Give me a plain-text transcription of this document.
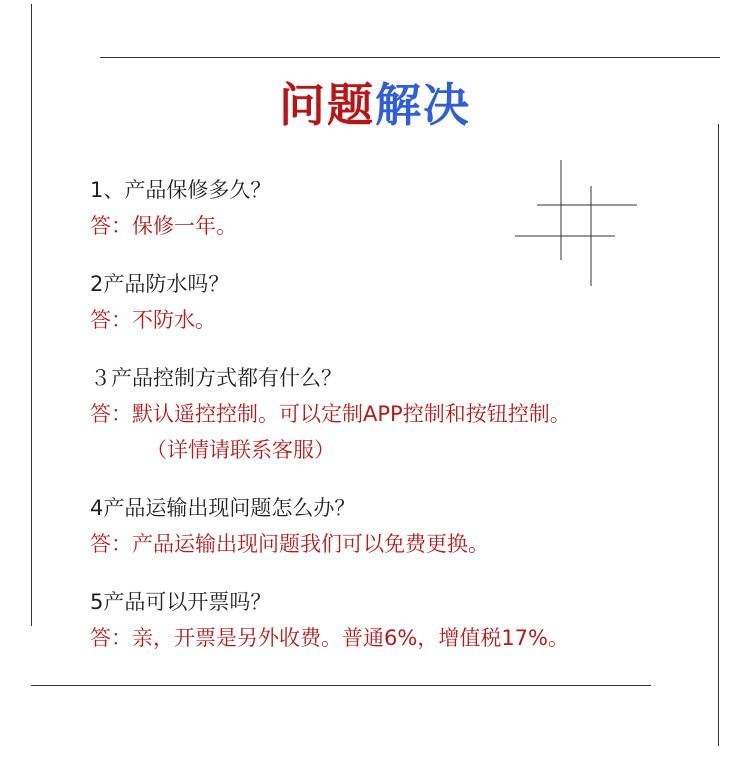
问题解决
1、产品保修多久？
答：保修一年。
2产品防水吗？
答：不防水。
３产品控制方式都有什么？
答：默认遥控控制。可以定制APP控制和按钮控制。
（详情请联系客服）
4产品运输出现问题怎么办？
答：产品运输出现问题我们可以免费更换。
5产品可以开票吗？
答：亲，开票是另外收费。普通6%，增值税17%。
